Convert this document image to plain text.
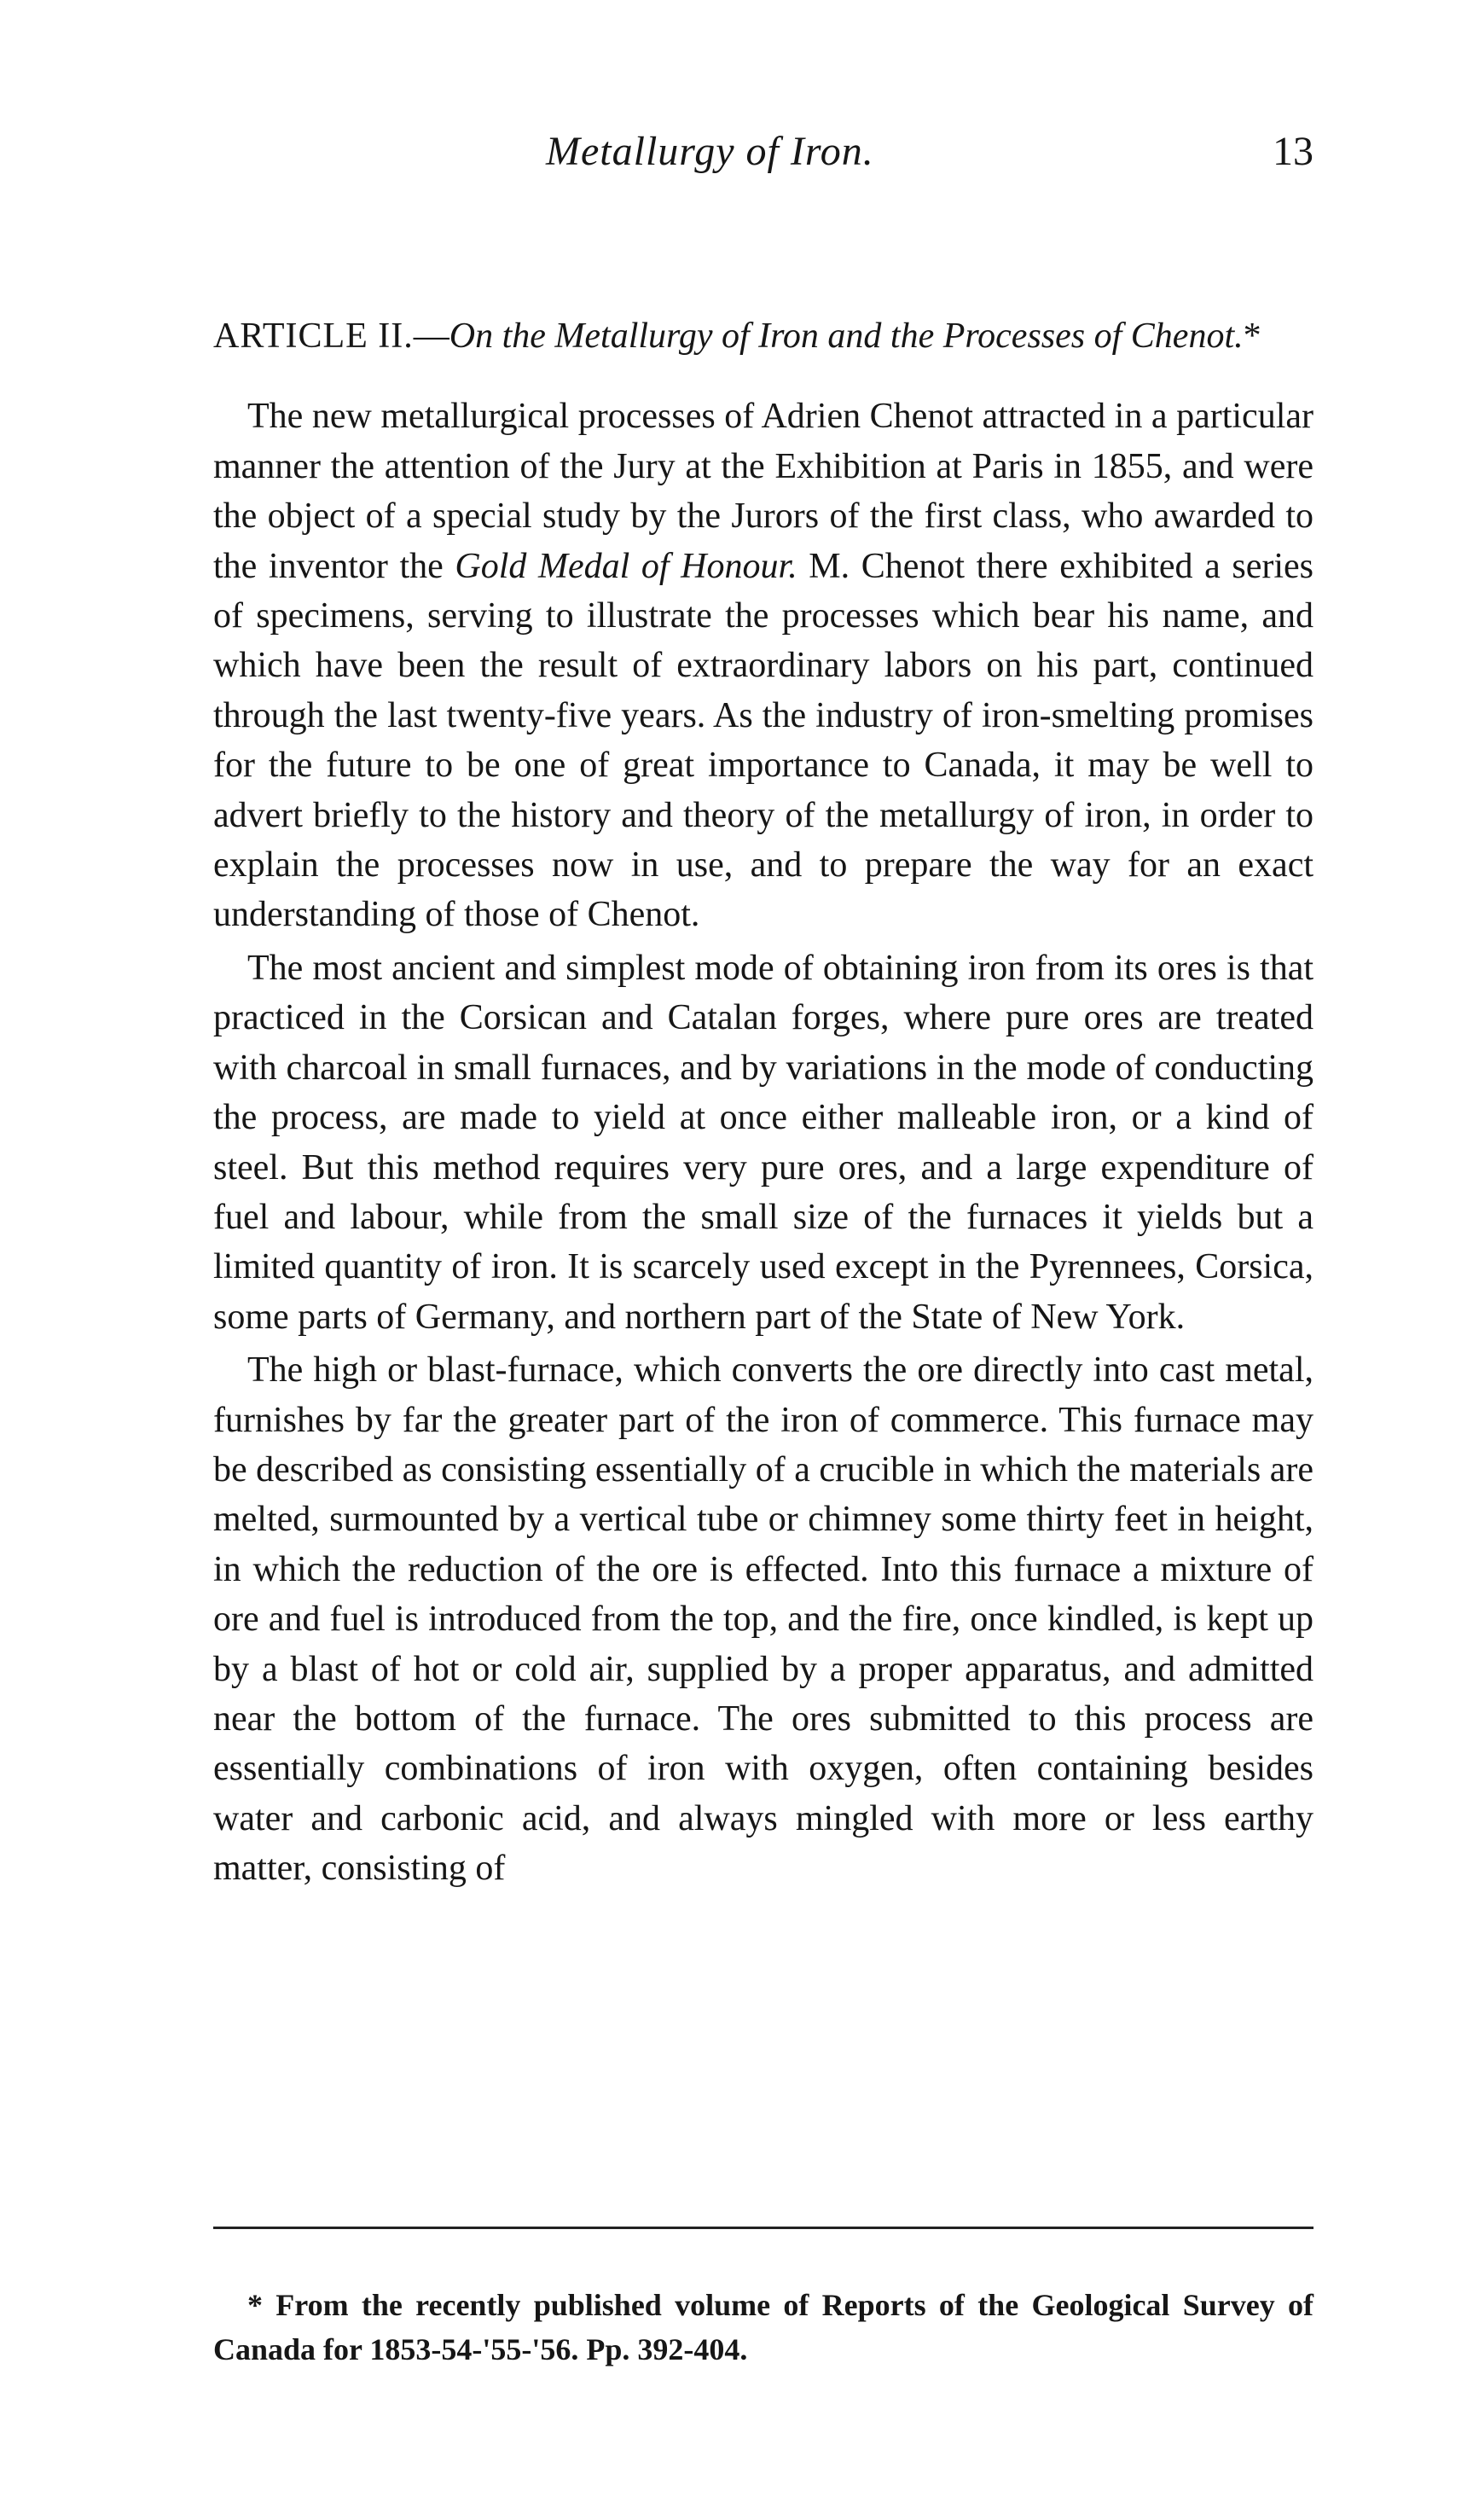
Metallurgy of Iron.	13

ARTICLE II.—On the Metallurgy of Iron and the Processes of Chenot.*

The new metallurgical processes of Adrien Chenot attracted in a particular manner the attention of the Jury at the Exhibition at Paris in 1855, and were the object of a special study by the Jurors of the first class, who awarded to the inventor the Gold Medal of Honour. M. Chenot there exhibited a series of specimens, serving to illustrate the processes which bear his name, and which have been the result of extraordinary labors on his part, continued through the last twenty-five years. As the industry of iron-smelting promises for the future to be one of great importance to Canada, it may be well to advert briefly to the history and theory of the metallurgy of iron, in order to explain the processes now in use, and to prepare the way for an exact understanding of those of Chenot.

The most ancient and simplest mode of obtaining iron from its ores is that practiced in the Corsican and Catalan forges, where pure ores are treated with charcoal in small furnaces, and by variations in the mode of conducting the process, are made to yield at once either malleable iron, or a kind of steel. But this method requires very pure ores, and a large expenditure of fuel and labour, while from the small size of the furnaces it yields but a limited quantity of iron. It is scarcely used except in the Pyrennees, Corsica, some parts of Germany, and northern part of the State of New York.

The high or blast-furnace, which converts the ore directly into cast metal, furnishes by far the greater part of the iron of commerce. This furnace may be described as consisting essentially of a crucible in which the materials are melted, surmounted by a vertical tube or chimney some thirty feet in height, in which the reduction of the ore is effected. Into this furnace a mixture of ore and fuel is introduced from the top, and the fire, once kindled, is kept up by a blast of hot or cold air, supplied by a proper apparatus, and admitted near the bottom of the furnace. The ores submitted to this process are essentially combinations of iron with oxygen, often containing besides water and carbonic acid, and always mingled with more or less earthy matter, consisting of

* From the recently published volume of Reports of the Geological Survey of Canada for 1853-54-'55-'56. Pp. 392-404.
